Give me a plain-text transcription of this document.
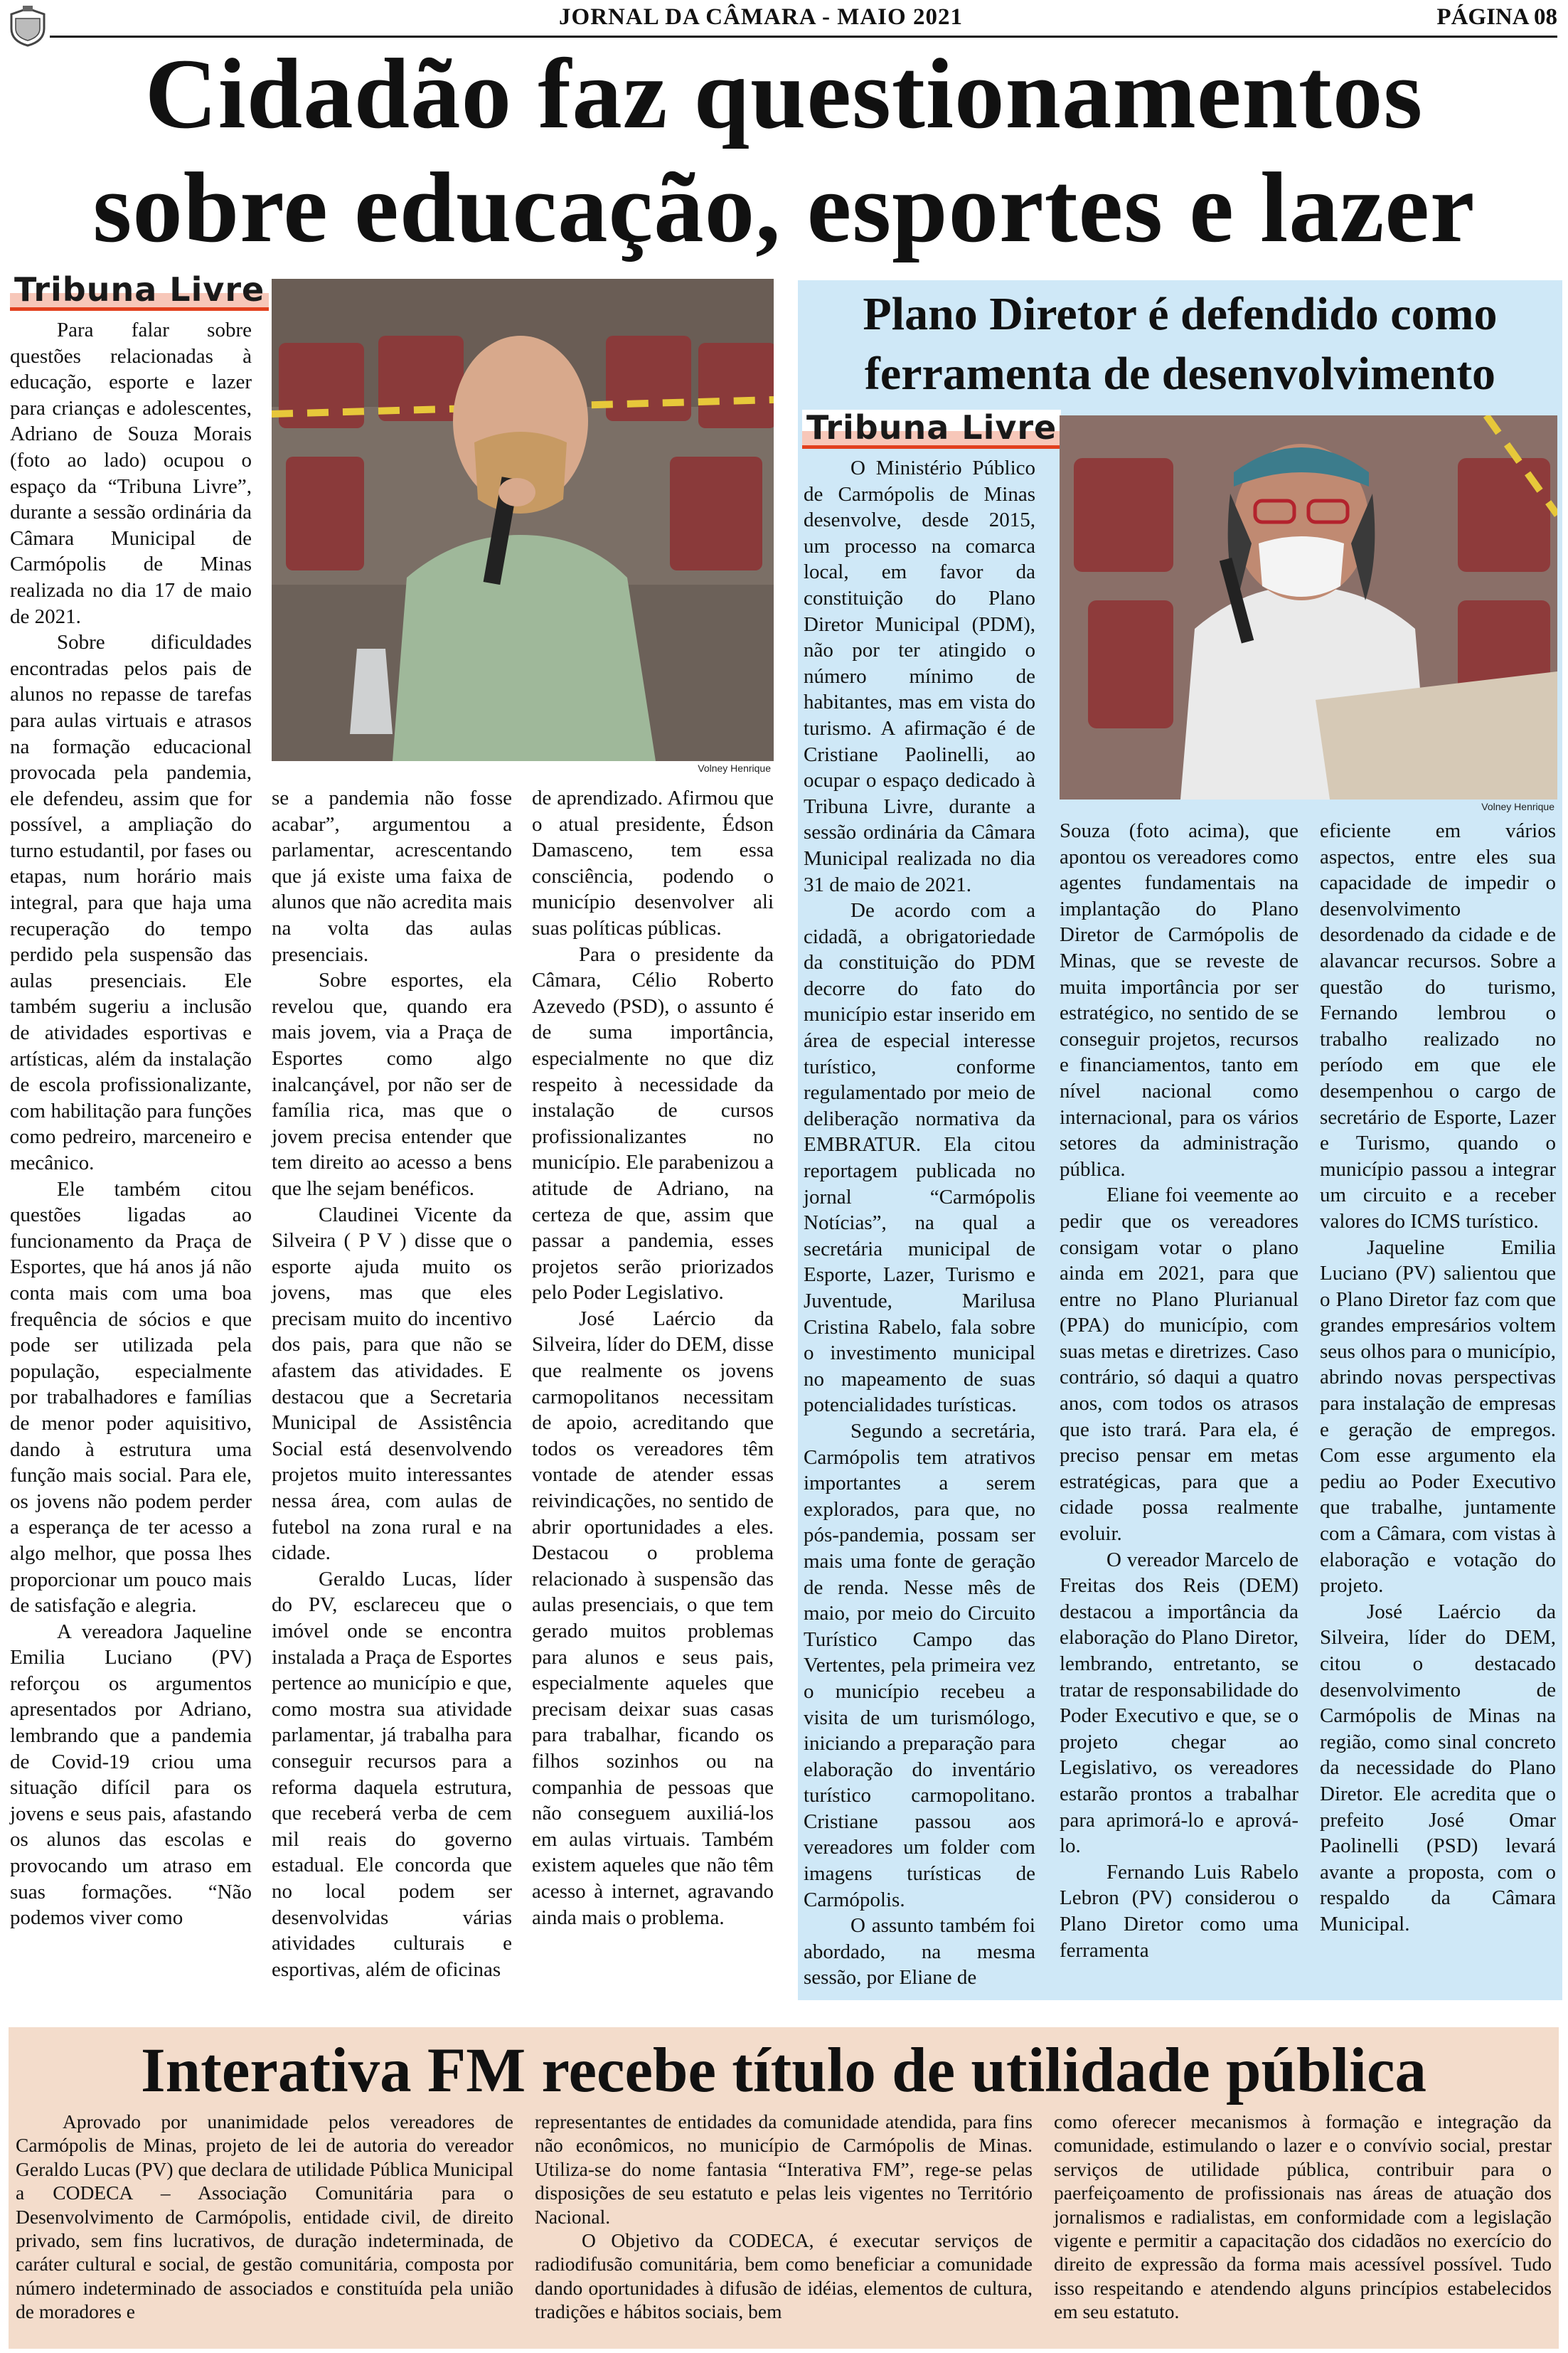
JORNAL DA CÂMARA - MAIO 2021	PÁGINA 08
Cidadão faz questionamentos
sobre educação, esportes e lazer
Tribuna Livre

Para falar sobre questões relacionadas à educação, esporte e lazer para crianças e adolescentes, Adriano de Souza Morais (foto ao lado) ocupou o espaço da “Tribuna Livre”, durante a sessão ordinária da Câmara Municipal de Carmópolis de Minas realizada no dia 17 de maio de 2021.

Sobre dificuldades encontradas pelos pais de alunos no repasse de tarefas para aulas virtuais e atrasos na formação educacional provocada pela pandemia, ele defendeu, assim que for possível, a ampliação do turno estudantil, por fases ou etapas, num horário mais integral, para que haja uma recuperação do tempo perdido pela suspensão das aulas presenciais. Ele também sugeriu a inclusão de atividades esportivas e artísticas, além da instalação de escola profissionalizante, com habilitação para funções como pedreiro, marceneiro e mecânico.

Ele também citou questões ligadas ao funcionamento da Praça de Esportes, que há anos já não conta mais com uma boa frequência de sócios e que pode ser utilizada pela população, especialmente por trabalhadores e famílias de menor poder aquisitivo, dando à estrutura uma função mais social. Para ele, os jovens não podem perder a esperança de ter acesso a algo melhor, que possa lhes proporcionar um pouco mais de satisfação e alegria.

A vereadora Jaqueline Emilia Luciano (PV) reforçou os argumentos apresentados por Adriano, lembrando que a pandemia de Covid-19 criou uma situação difícil para os jovens e seus pais, afastando os alunos das escolas e provocando um atraso em suas formações. “Não podemos viver como

Volney Henrique

se a pandemia não fosse acabar”, argumentou a parlamentar, acrescentando que já existe uma faixa de alunos que não acredita mais na volta das aulas presenciais.

Sobre esportes, ela revelou que, quando era mais jovem, via a Praça de Esportes como algo inalcançável, por não ser de família rica, mas que o jovem precisa entender que tem direito ao acesso a bens que lhe sejam benéficos.

Claudinei Vicente da Silveira ( P V ) disse que o esporte ajuda muito os jovens, mas que eles precisam muito do incentivo dos pais, para que não se afastem das atividades. E destacou que a Secretaria Municipal de Assistência Social está desenvolvendo projetos muito interessantes nessa área, com aulas de futebol na zona rural e na cidade.

Geraldo Lucas, líder do PV, esclareceu que o imóvel onde se encontra instalada a Praça de Esportes pertence ao município e que, como mostra sua atividade parlamentar, já trabalha para conseguir recursos para a reforma daquela estrutura, que receberá verba de cem mil reais do governo estadual. Ele concorda que no local podem ser desenvolvidas várias atividades culturais e esportivas, além de oficinas

de aprendizado. Afirmou que o atual presidente, Édson Damasceno, tem essa consciência, podendo o município desenvolver ali suas políticas públicas.

Para o presidente da Câmara, Célio Roberto Azevedo (PSD), o assunto é de suma importância, especialmente no que diz respeito à necessidade da instalação de cursos profissionalizantes no município. Ele parabenizou a atitude de Adriano, na certeza de que, assim que passar a pandemia, esses projetos serão priorizados pelo Poder Legislativo.

José Laércio da Silveira, líder do DEM, disse que realmente os jovens carmopolitanos necessitam de apoio, acreditando que todos os vereadores têm vontade de atender essas reivindicações, no sentido de abrir oportunidades a eles. Destacou o problema relacionado à suspensão das aulas presenciais, o que tem gerado muitos problemas para alunos e seus pais, especialmente aqueles que precisam deixar suas casas para trabalhar, ficando os filhos sozinhos ou na companhia de pessoas que não conseguem auxiliá-los em aulas virtuais. Também existem aqueles que não têm acesso à internet, agravando ainda mais o problema.

Plano Diretor é defendido como
ferramenta de desenvolvimento
Tribuna Livre

O Ministério Público de Carmópolis de Minas desenvolve, desde 2015, um processo na comarca local, em favor da constituição do Plano Diretor Municipal (PDM), não por ter atingido o número mínimo de habitantes, mas em vista do turismo. A afirmação é de Cristiane Paolinelli, ao ocupar o espaço dedicado à Tribuna Livre, durante a sessão ordinária da Câmara Municipal realizada no dia 31 de maio de 2021.

De acordo com a cidadã, a obrigatoriedade da constituição do PDM decorre do fato do município estar inserido em área de especial interesse turístico, conforme regulamentado por meio de deliberação normativa da EMBRATUR. Ela citou reportagem publicada no jornal “Carmópolis Notícias”, na qual a secretária municipal de Esporte, Lazer, Turismo e Juventude, Marilusa Cristina Rabelo, fala sobre o investimento municipal no mapeamento de suas potencialidades turísticas.

Segundo a secretária, Carmópolis tem atrativos importantes a serem explorados, para que, no pós-pandemia, possam ser mais uma fonte de geração de renda. Nesse mês de maio, por meio do Circuito Turístico Campo das Vertentes, pela primeira vez o município recebeu a visita de um turismólogo, iniciando a preparação para elaboração do inventário turístico carmopolitano. Cristiane passou aos vereadores um folder com imagens turísticas de Carmópolis.

O assunto também foi abordado, na mesma sessão, por Eliane de

Volney Henrique

Souza (foto acima), que apontou os vereadores como agentes fundamentais na implantação do Plano Diretor de Carmópolis de Minas, que se reveste de muita importância por ser estratégico, no sentido de se conseguir projetos, recursos e financiamentos, tanto em nível nacional como internacional, para os vários setores da administração pública.

Eliane foi veemente ao pedir que os vereadores consigam votar o plano ainda em 2021, para que entre no Plano Plurianual (PPA) do município, com suas metas e diretrizes. Caso contrário, só daqui a quatro anos, com todos os atrasos que isto trará. Para ela, é preciso pensar em metas estratégicas, para que a cidade possa realmente evoluir.

O vereador Marcelo de Freitas dos Reis (DEM) destacou a importância da elaboração do Plano Diretor, lembrando, entretanto, se tratar de responsabilidade do Poder Executivo e que, se o projeto chegar ao Legislativo, os vereadores estarão prontos a trabalhar para aprimorá-lo e aprová-lo.

Fernando Luis Rabelo Lebron (PV) considerou o Plano Diretor como uma ferramenta

eficiente em vários aspectos, entre eles sua capacidade de impedir o desenvolvimento desordenado da cidade e de alavancar recursos. Sobre a questão do turismo, Fernando lembrou o trabalho realizado no período em que ele desempenhou o cargo de secretário de Esporte, Lazer e Turismo, quando o município passou a integrar um circuito e a receber valores do ICMS turístico.

Jaqueline Emilia Luciano (PV) salientou que o Plano Diretor faz com que grandes empresários voltem seus olhos para o município, abrindo novas perspectivas para instalação de empresas e geração de empregos. Com esse argumento ela pediu ao Poder Executivo que trabalhe, juntamente com a Câmara, com vistas à elaboração e votação do projeto.

José Laércio da Silveira, líder do DEM, citou o destacado desenvolvimento de Carmópolis de Minas na região, como sinal concreto da necessidade do Plano Diretor. Ele acredita que o prefeito José Omar Paolinelli (PSD) levará avante a proposta, com o respaldo da Câmara Municipal.

Interativa FM recebe título de utilidade pública

Aprovado por unanimidade pelos vereadores de Carmópolis de Minas, projeto de lei de autoria do vereador Geraldo Lucas (PV) que declara de utilidade Pública Municipal a CODECA – Associação Comunitária para o Desenvolvimento de Carmópolis, entidade civil, de direito privado, sem fins lucrativos, de duração indeterminada, de caráter cultural e social, de gestão comunitária, composta por número indeterminado de associados e constituída pela união de moradores e

representantes de entidades da comunidade atendida, para fins não econômicos, no município de Carmópolis de Minas. Utiliza-se do nome fantasia “Interativa FM”, rege-se pelas disposições de seu estatuto e pelas leis vigentes no Território Nacional.

O Objetivo da CODECA, é executar serviços de radiodifusão comunitária, bem como beneficiar a comunidade dando oportunidades à difusão de idéias, elementos de cultura, tradições e hábitos sociais, bem

como oferecer mecanismos à formação e integração da comunidade, estimulando o lazer e o convívio social, prestar serviços de utilidade pública, contribuir para o paerfeiçoamento de profissionais nas áreas de atuação dos jornalismos e radialistas, em conformidade com a legislação vigente e permitir a capacitação dos cidadãos no exercício do direito de expressão da forma mais acessível possível. Tudo isso respeitando e atendendo alguns princípios estabelecidos em seu estatuto.
